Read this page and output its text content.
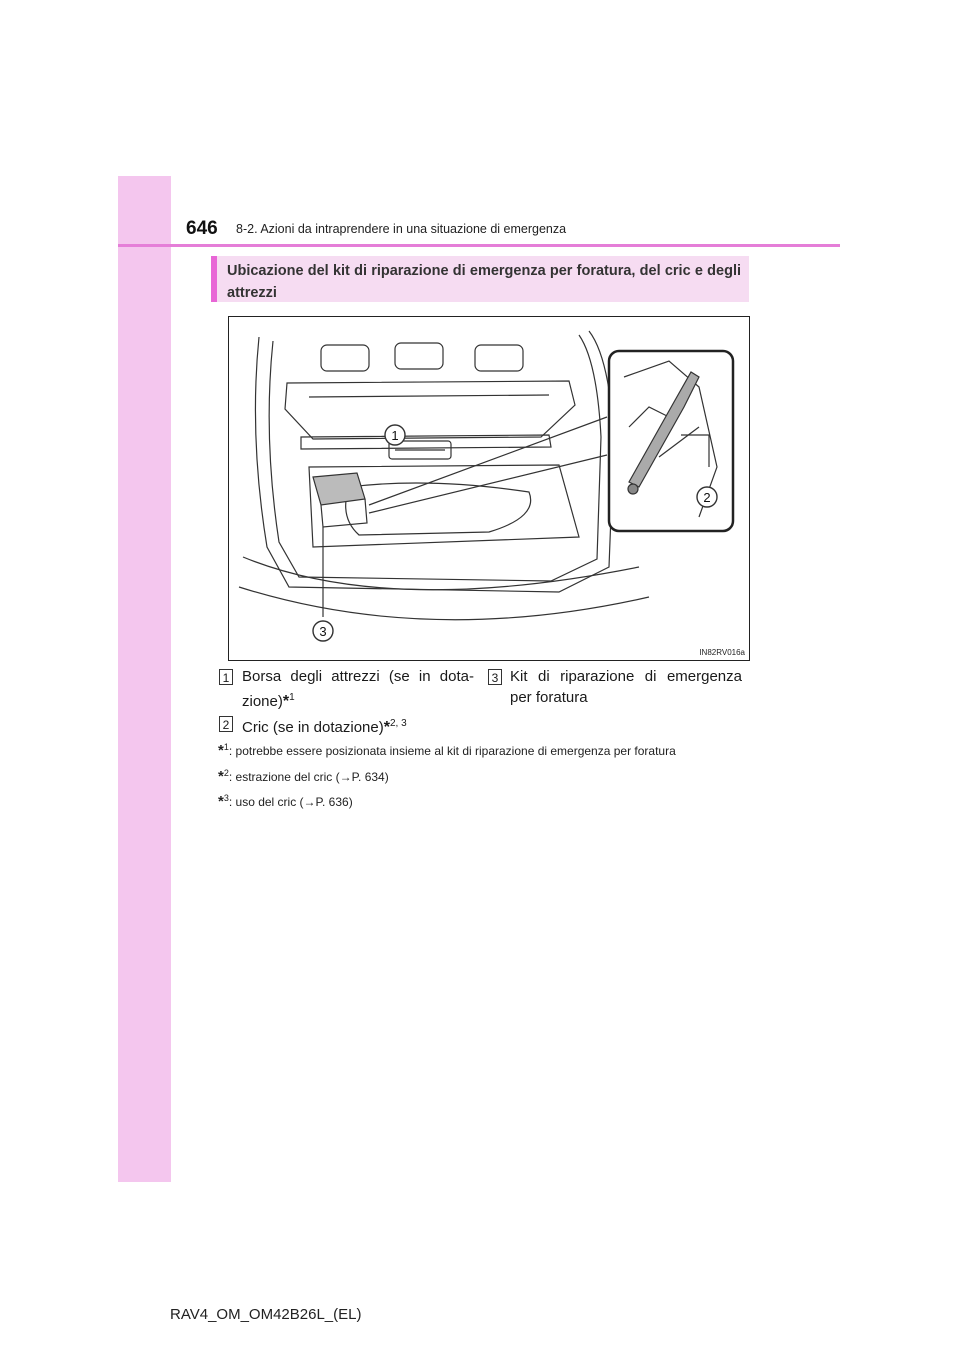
646 8-2. Azioni da intraprendere in una situazione di emergenza
Ubicazione del kit di riparazione di emergenza per foratura, del cric e degli attrezzi
1
2
3
IN82RV016a
1 Borsa degli attrezzi (se in dota-zione)*$^1$
2 Cric (se in dotazione)*$^{2, 3}$
3 Kit di riparazione di emergenza per foratura
*$^1$: potrebbe essere posizionata insieme al kit di riparazione di emergenza per foratura
*$^2$: estrazione del cric (→P. 634)
*$^3$: uso del cric (→P. 636)
RAV4_OM_OM42B26L_(EL)
